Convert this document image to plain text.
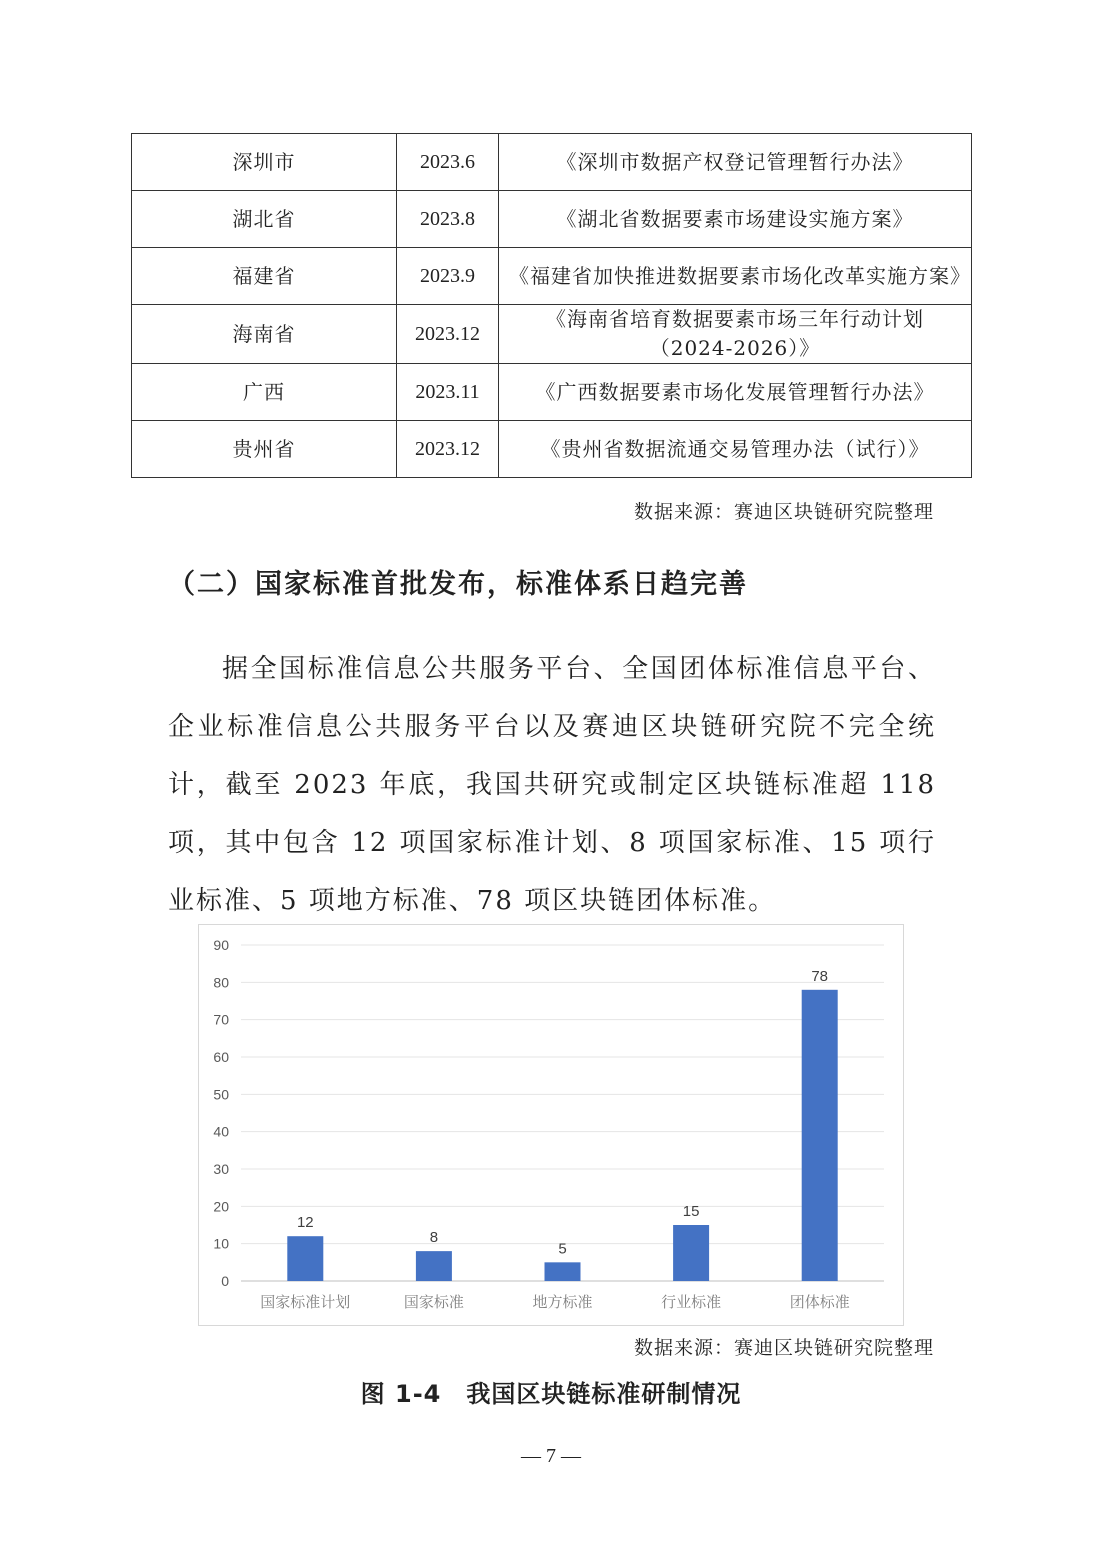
深圳市	2023.6	《深圳市数据产权登记管理暂行办法》
湖北省	2023.8	《湖北省数据要素市场建设实施方案》
福建省	2023.9	《福建省加快推进数据要素市场化改革实施方案》
海南省	2023.12	《海南省培育数据要素市场三年行动计划（2024-2026）》
广西	2023.11	《广西数据要素市场化发展管理暂行办法》
贵州省	2023.12	《贵州省数据流通交易管理办法（试行）》
数据来源：赛迪区块链研究院整理
（二）国家标准首批发布，标准体系日趋完善

据全国标准信息公共服务平台、全国团体标准信息平台、企业标准信息公共服务平台以及赛迪区块链研究院不完全统计，截至 2023 年底，我国共研究或制定区块链标准超 118 项，其中包含 12 项国家标准计划、8 项国家标准、15 项行业标准、5 项地方标准、78 项区块链团体标准。

0
10
20
30
40
50
60
70
80
90
12
国家标准计划
8
国家标准
5
地方标准
15
行业标准
78
团体标准
数据来源：赛迪区块链研究院整理
图 1-4　我国区块链标准研制情况
— 7 —
